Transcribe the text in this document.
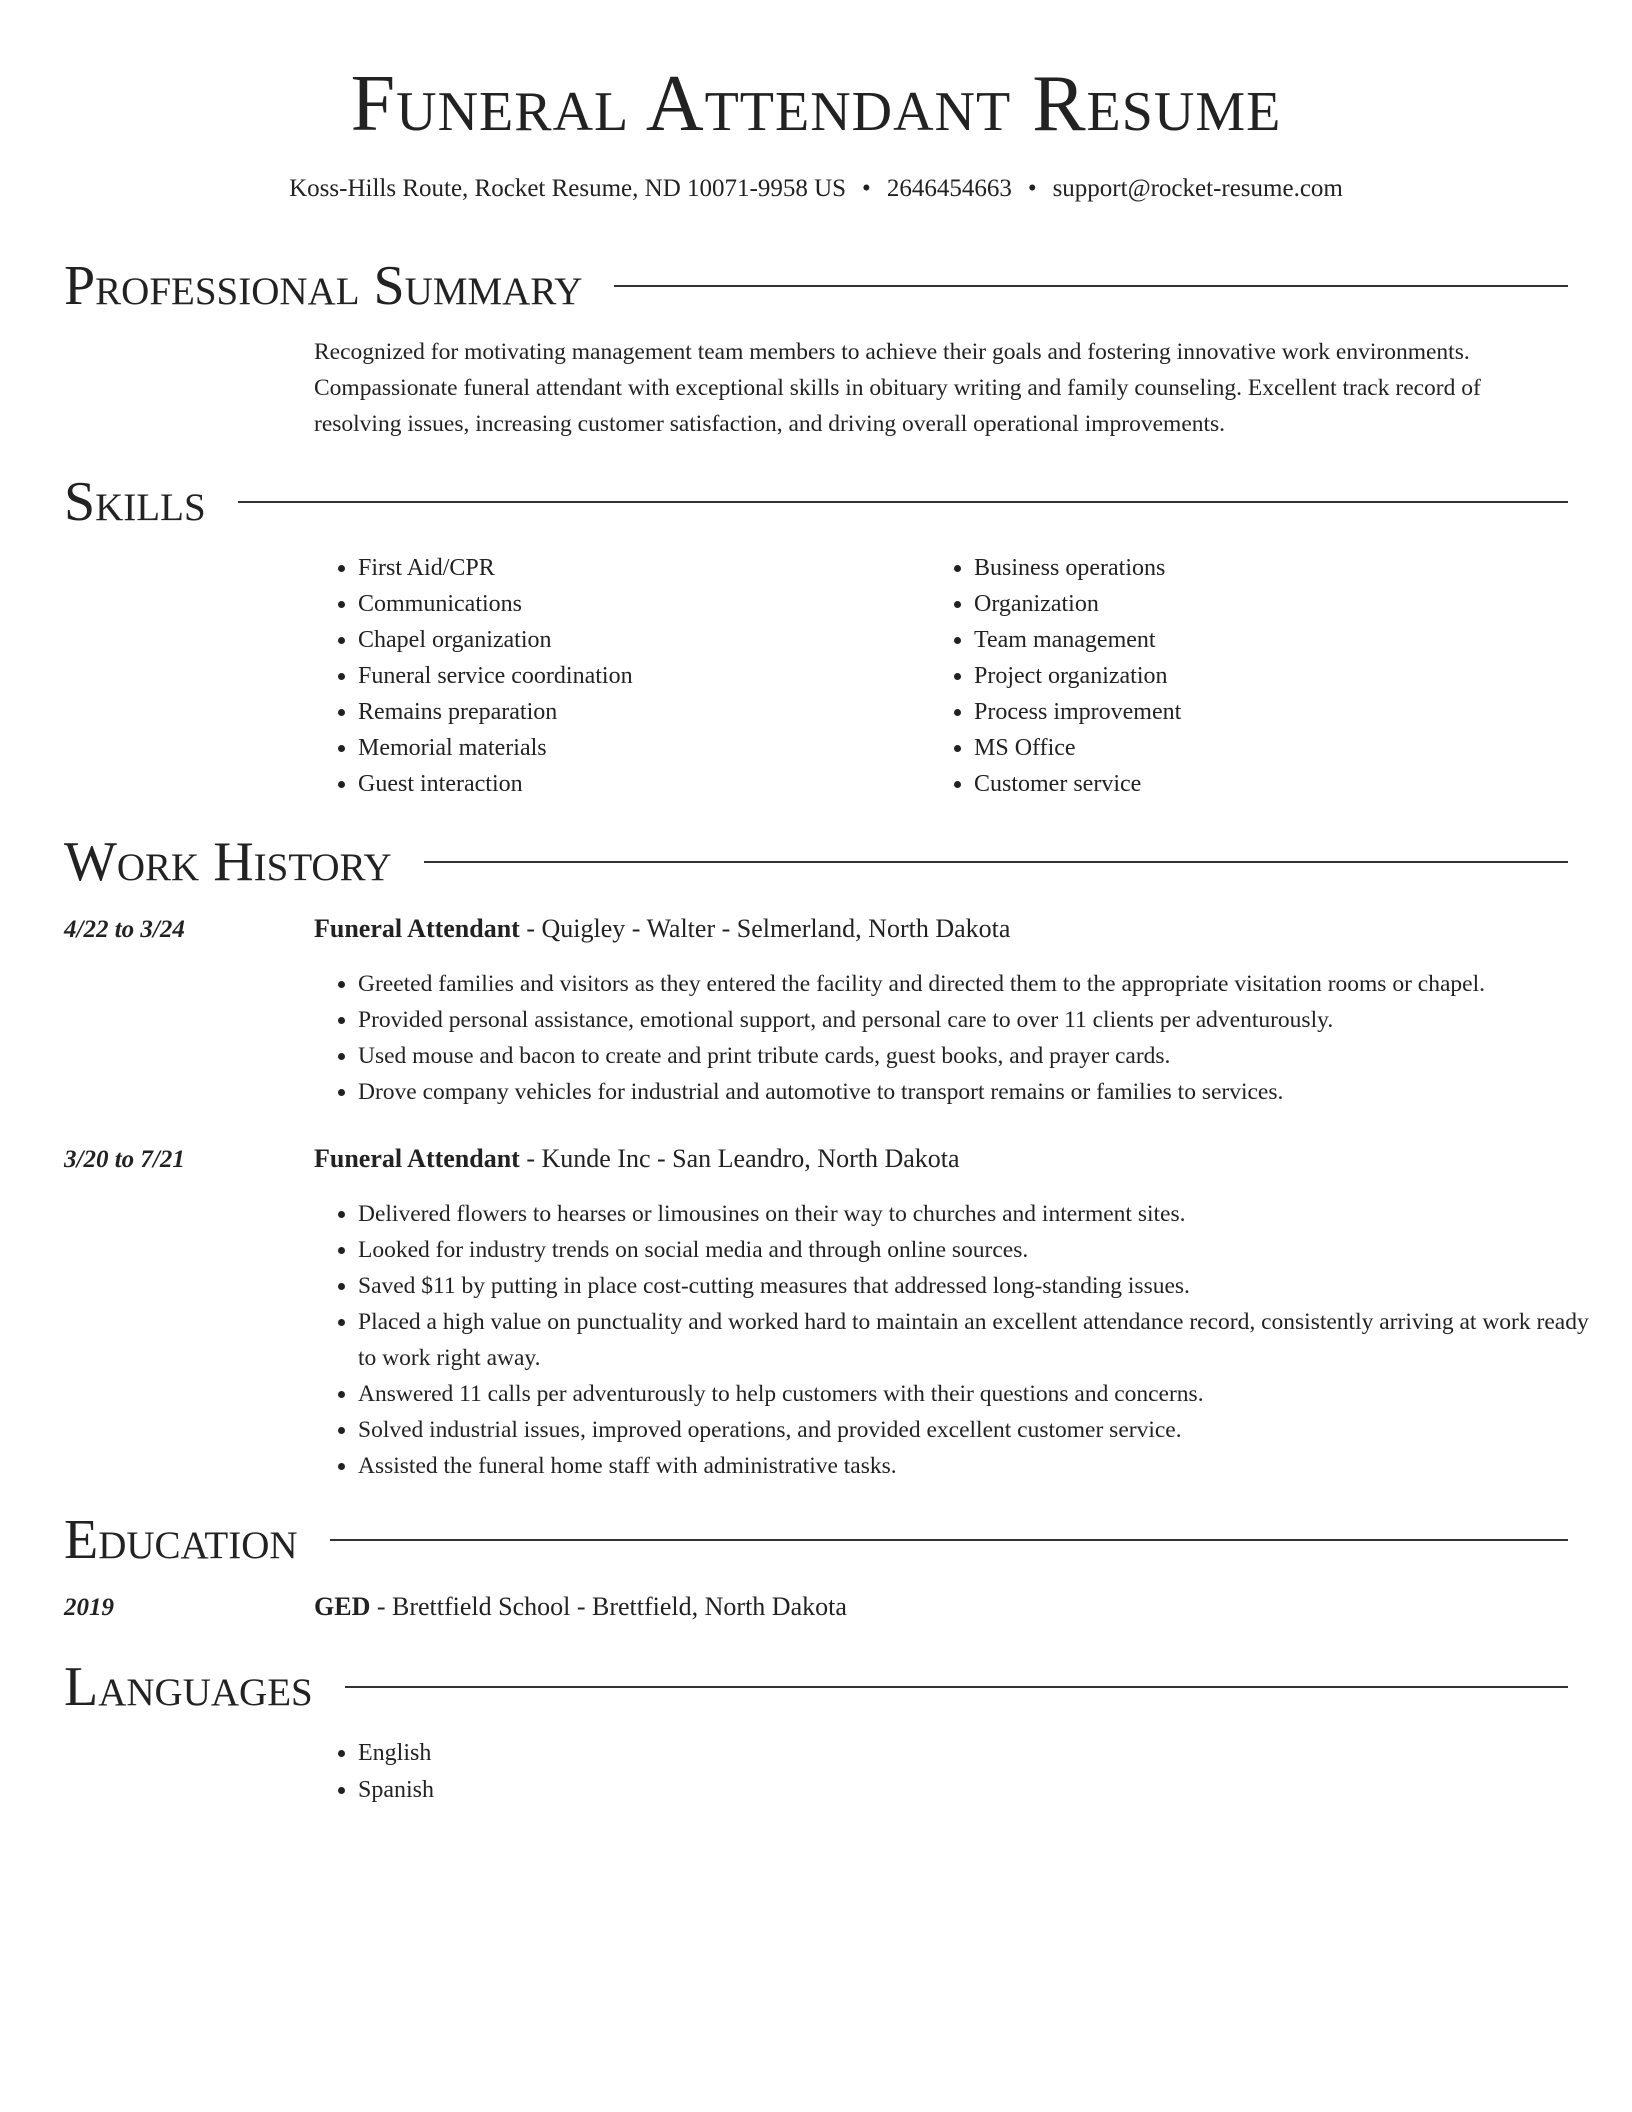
Funeral Attendant Resume
Koss-Hills Route, Rocket Resume, ND 10071-9958 US • 2646454663 • support@rocket-resume.com
Professional Summary
Recognized for motivating management team members to achieve their goals and fostering innovative work environments. Compassionate funeral attendant with exceptional skills in obituary writing and family counseling. Excellent track record of resolving issues, increasing customer satisfaction, and driving overall operational improvements.
Skills
• First Aid/CPR
• Communications
• Chapel organization
• Funeral service coordination
• Remains preparation
• Memorial materials
• Guest interaction
• Business operations
• Organization
• Team management
• Project organization
• Process improvement
• MS Office
• Customer service
Work History
4/22 to 3/24	Funeral Attendant - Quigley - Walter - Selmerland, North Dakota
• Greeted families and visitors as they entered the facility and directed them to the appropriate visitation rooms or chapel.
• Provided personal assistance, emotional support, and personal care to over 11 clients per adventurously.
• Used mouse and bacon to create and print tribute cards, guest books, and prayer cards.
• Drove company vehicles for industrial and automotive to transport remains or families to services.
3/20 to 7/21	Funeral Attendant - Kunde Inc - San Leandro, North Dakota
• Delivered flowers to hearses or limousines on their way to churches and interment sites.
• Looked for industry trends on social media and through online sources.
• Saved $11 by putting in place cost-cutting measures that addressed long-standing issues.
• Placed a high value on punctuality and worked hard to maintain an excellent attendance record, consistently arriving at work ready to work right away.
• Answered 11 calls per adventurously to help customers with their questions and concerns.
• Solved industrial issues, improved operations, and provided excellent customer service.
• Assisted the funeral home staff with administrative tasks.
Education
2019	GED - Brettfield School - Brettfield, North Dakota
Languages
• English
• Spanish
